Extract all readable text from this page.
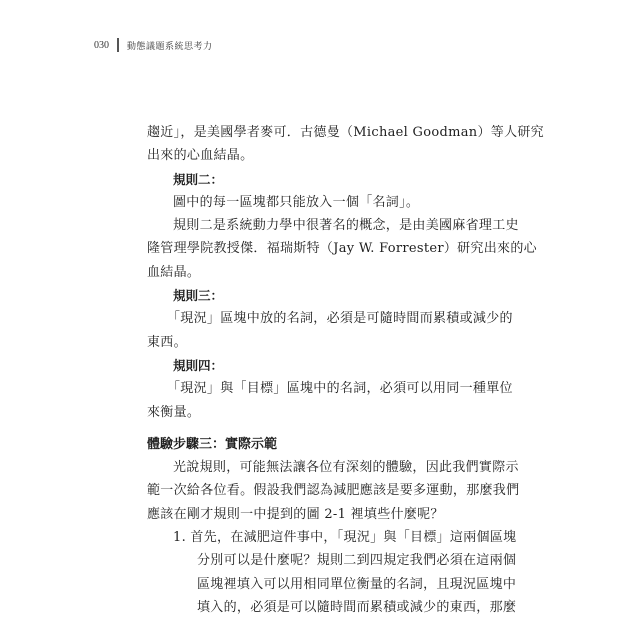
030 動態議題系統思考力

趨近」，是美國學者麥可．古德曼（Michael Goodman）等人研究

出來的心血結晶。

規則二：

圖中的每一區塊都只能放入一個「名詞」。

規則二是系統動力學中很著名的概念，是由美國麻省理工史

隆管理學院教授傑．福瑞斯特（Jay W. Forrester）研究出來的心

血結晶。

規則三：

「現況」區塊中放的名詞，必須是可隨時間而累積或減少的

東西。

規則四：

「現況」與「目標」區塊中的名詞，必須可以用同一種單位

來衡量。

體驗步驟三：實際示範

光說規則，可能無法讓各位有深刻的體驗，因此我們實際示

範一次給各位看。假設我們認為減肥應該是要多運動，那麼我們

應該在剛才規則一中提到的圖 2-1 裡填些什麼呢？

1. 首先，在減肥這件事中，「現況」與「目標」這兩個區塊

分別可以是什麼呢？規則二到四規定我們必須在這兩個

區塊裡填入可以用相同單位衡量的名詞，且現況區塊中

填入的，必須是可以隨時間而累積或減少的東西，那麼
